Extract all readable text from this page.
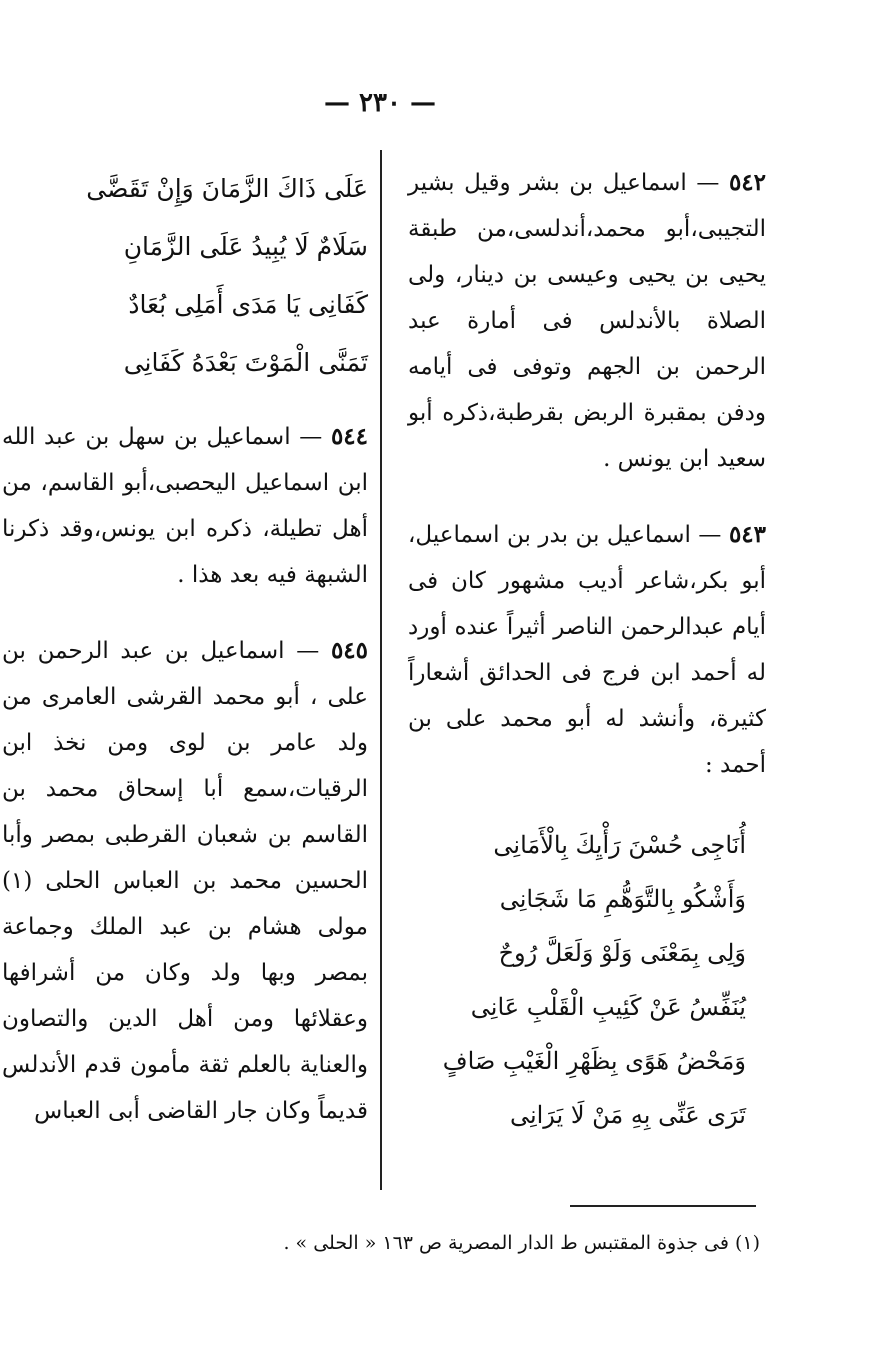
— ٢٣٠ —

٥٤٢ — اسماعيل بن بشر وقيل بشير التجيبى،أبو محمد،أندلسى،من طبقة يحيى بن يحيى وعيسى بن دينار، ولى الصلاة بالأندلس فى أمارة عبد الرحمن بن الجهم وتوفى فى أيامه ودفن بمقبرة الربض بقرطبة،ذكره أبو سعيد ابن يونس .

٥٤٣ — اسماعيل بن بدر بن اسماعيل، أبو بكر،شاعر أديب مشهور كان فى أيام عبدالرحمن الناصر أثيراً عنده أورد له أحمد ابن فرج فى الحدائق أشعاراً كثيرة، وأنشد له أبو محمد على بن أحمد :

أُنَاجِى حُسْنَ رَأْيِكَ بِالْأَمَانِى
وَأَشْكُو بِالتَّوَهُّمِ مَا شَجَانِى
وَلِى بِمَعْنَى وَلَوْ وَلَعَلَّ رُوحٌ
يُنَفِّسُ عَنْ كَئِيبِ الْقَلْبِ عَانِى
وَمَحْضُ هَوًى بِظَهْرِ الْغَيْبِ صَافٍ
تَرَى عَنِّى بِهِ مَنْ لَا يَرَانِى
عَلَى ذَاكَ الزَّمَانَ وَإِنْ تَقَضَّى
سَلَامٌ لَا يُبِيدُ عَلَى الزَّمَانِ
كَفَانِى يَا مَدَى أَمَلِى بُعَادٌ
تَمَنَّى الْمَوْتَ بَعْدَهُ كَفَانِى

٥٤٤ — اسماعيل بن سهل بن عبد الله ابن اسماعيل اليحصبى،أبو القاسم، من أهل تطيلة، ذكره ابن يونس،وقد ذكرنا الشبهة فيه بعد هذا .

٥٤٥ — اسماعيل بن عبد الرحمن بن على ، أبو محمد القرشى العامرى من ولد عامر بن لوى ومن نخذ ابن الرقيات،سمع أبا إسحاق محمد بن القاسم بن شعبان القرطبى بمصر وأبا الحسين محمد بن العباس الحلى (١) مولى هشام بن عبد الملك وجماعة بمصر وبها ولد وكان من أشرافها وعقلائها ومن أهل الدين والتصاون والعناية بالعلم ثقة مأمون قدم الأندلس قديماً وكان جار القاضى أبى العباس

(١) فى جذوة المقتبس ط الدار المصرية ص ١٦٣ « الحلى » .
